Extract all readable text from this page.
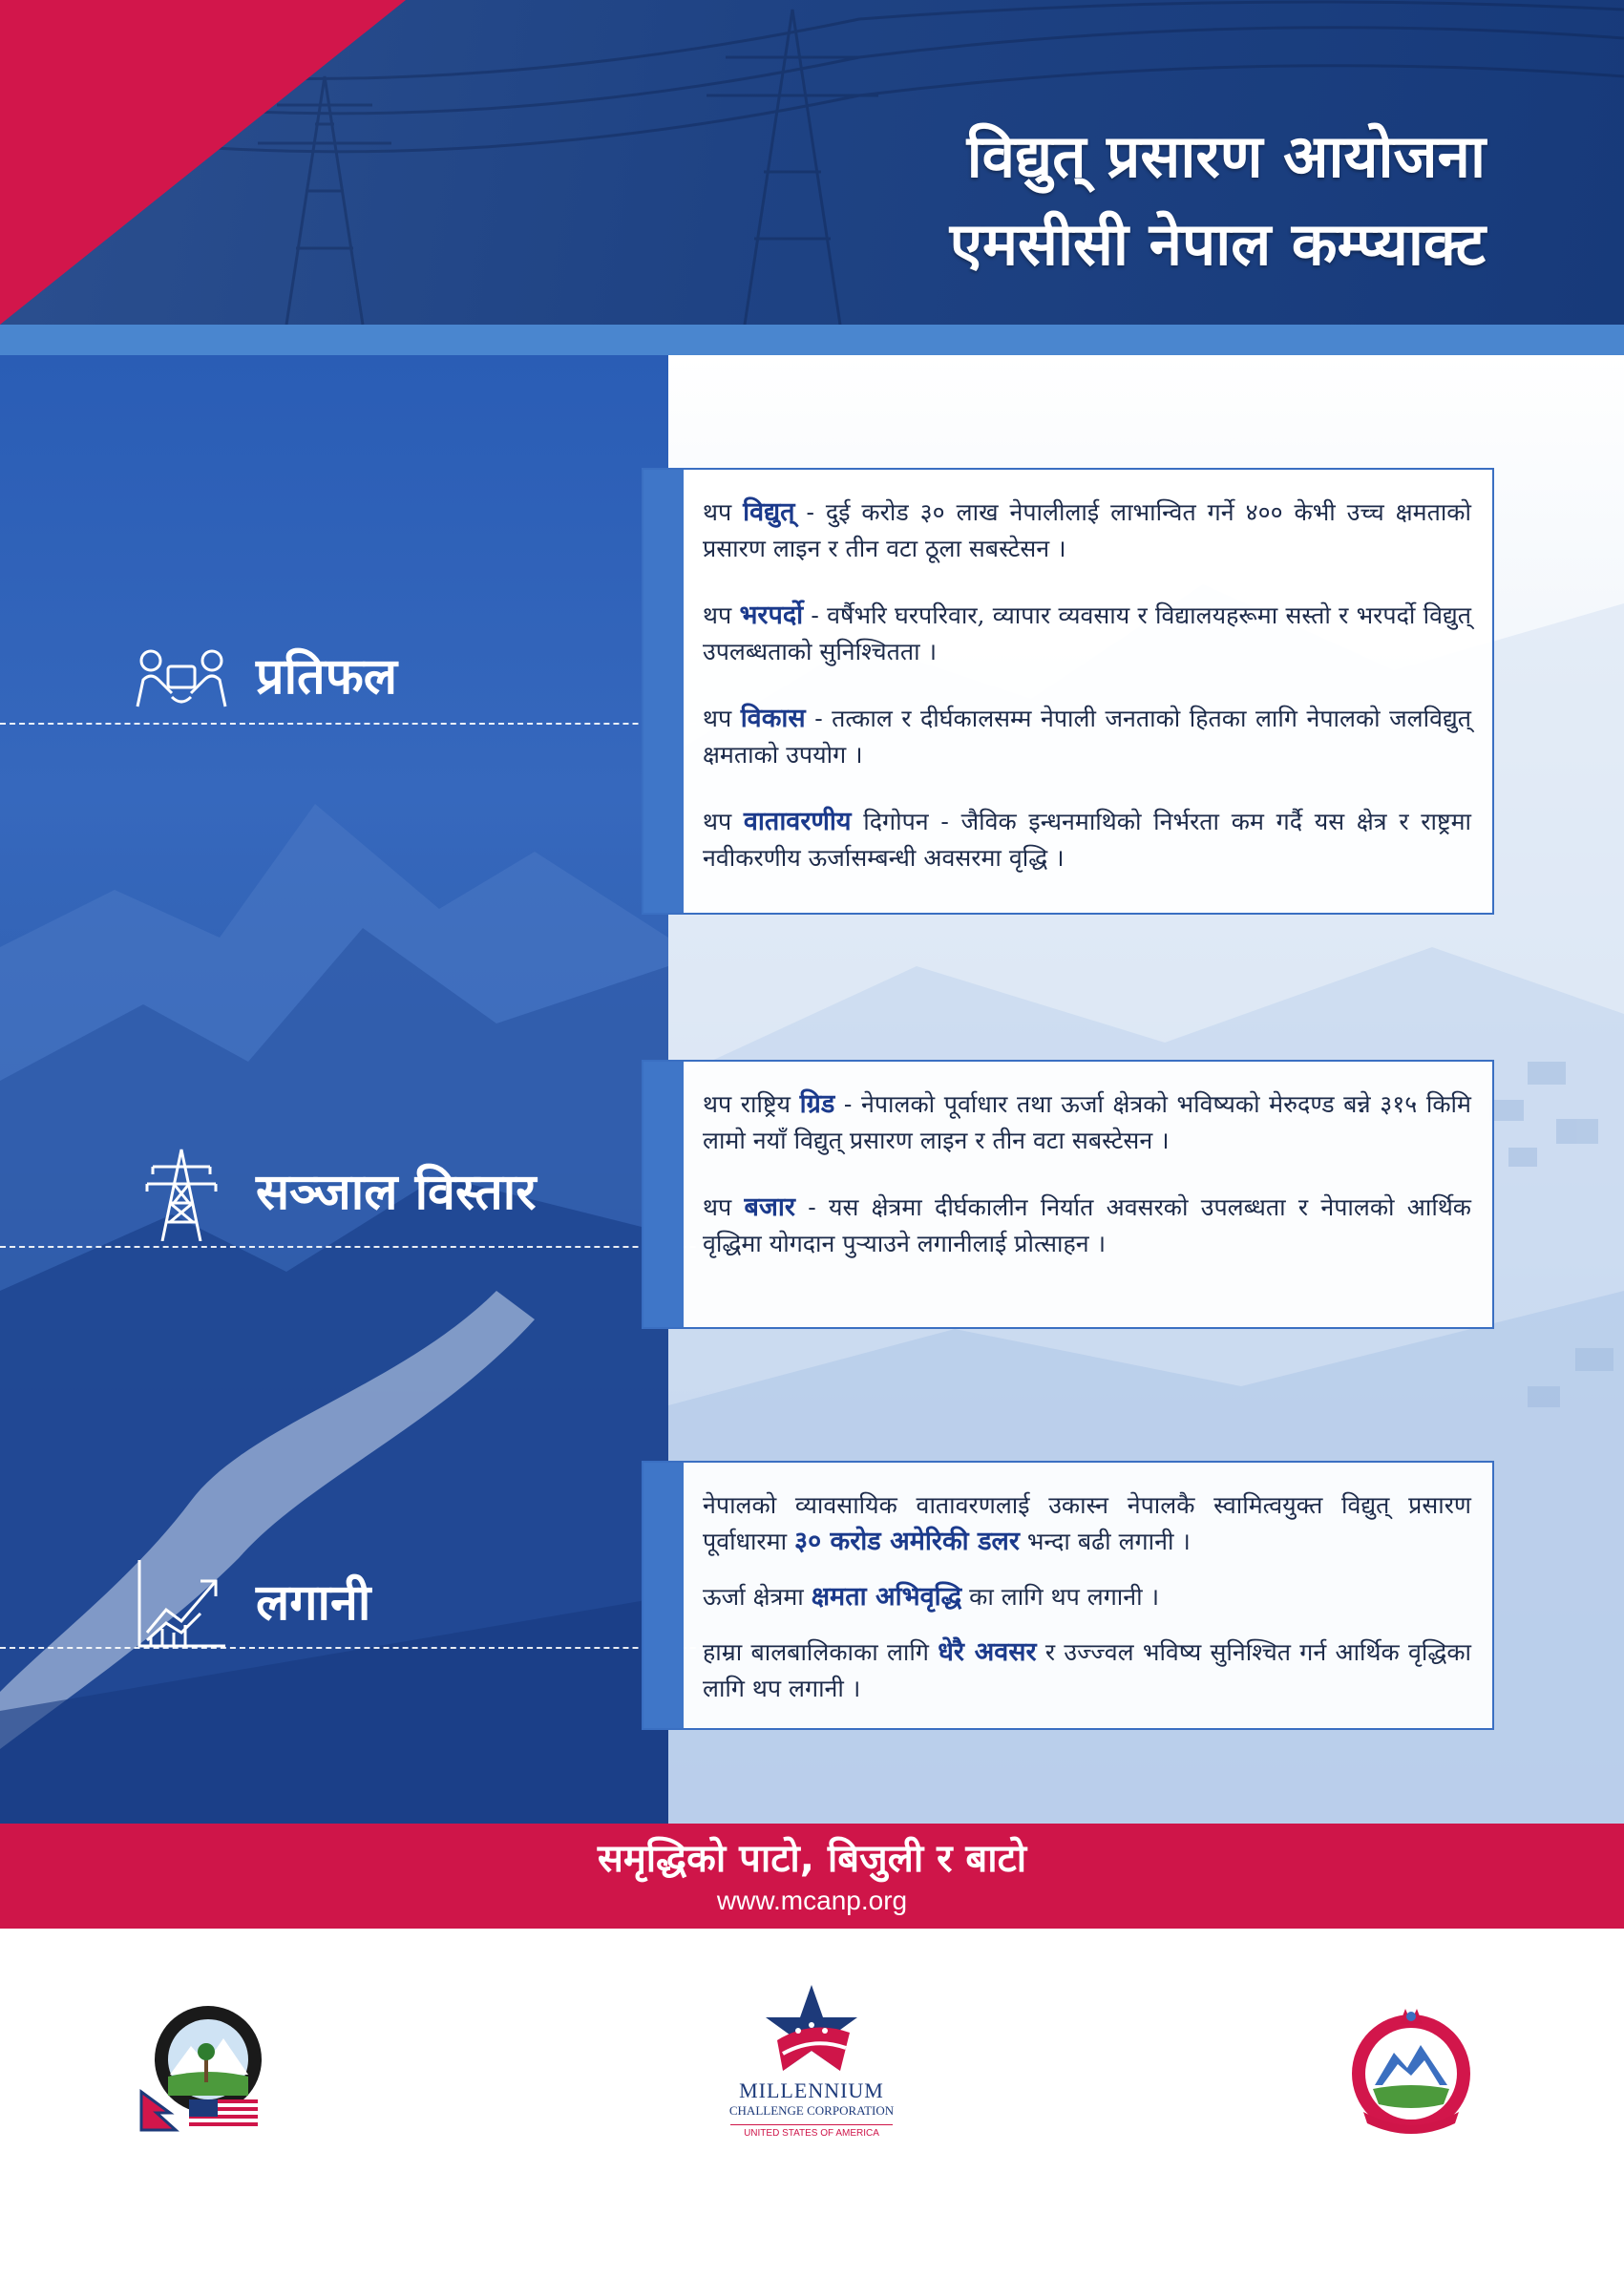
विद्युत् प्रसारण आयोजना
एमसीसी नेपाल कम्प्याक्ट
प्रतिफल
सञ्जाल विस्तार
लगानी

थप विद्युत् - दुई करोड ३० लाख नेपालीलाई लाभान्वित गर्ने ४०० केभी उच्च क्षमताको प्रसारण लाइन र तीन वटा ठूला सबस्टेसन ।

थप भरपर्दो - वर्षैभरि घरपरिवार, व्यापार व्यवसाय र विद्यालयहरूमा सस्तो र भरपर्दो विद्युत् उपलब्धताको सुनिश्चितता ।

थप विकास - तत्काल र दीर्घकालसम्म नेपाली जनताको हितका लागि नेपालको जलविद्युत् क्षमताको उपयोग ।

थप वातावरणीय दिगोपन - जैविक इन्धनमाथिको निर्भरता कम गर्दै यस क्षेत्र र राष्ट्रमा नवीकरणीय ऊर्जासम्बन्धी अवसरमा वृद्धि ।

थप राष्ट्रिय ग्रिड - नेपालको पूर्वाधार तथा ऊर्जा क्षेत्रको भविष्यको मेरुदण्ड बन्ने ३१५ किमि लामो नयाँ विद्युत् प्रसारण लाइन र तीन वटा सबस्टेसन ।

थप बजार - यस क्षेत्रमा दीर्घकालीन निर्यात अवसरको उपलब्धता र नेपालको आर्थिक वृद्धिमा योगदान पुऱ्याउने लगानीलाई प्रोत्साहन ।

नेपालको व्यावसायिक वातावरणलाई उकास्न नेपालकै स्वामित्वयुक्त विद्युत् प्रसारण पूर्वाधारमा ३० करोड अमेरिकी डलर भन्दा बढी लगानी ।

ऊर्जा क्षेत्रमा क्षमता अभिवृद्धि का लागि थप लगानी ।

हाम्रा बालबालिकाका लागि धेरै अवसर र उज्ज्वल भविष्य सुनिश्चित गर्न आर्थिक वृद्धिका लागि थप लगानी ।

समृद्धिको पाटो, बिजुली र बाटो
www.mcanp.org
MILLENNIUM
CHALLENGE CORPORATION
UNITED STATES OF AMERICA
